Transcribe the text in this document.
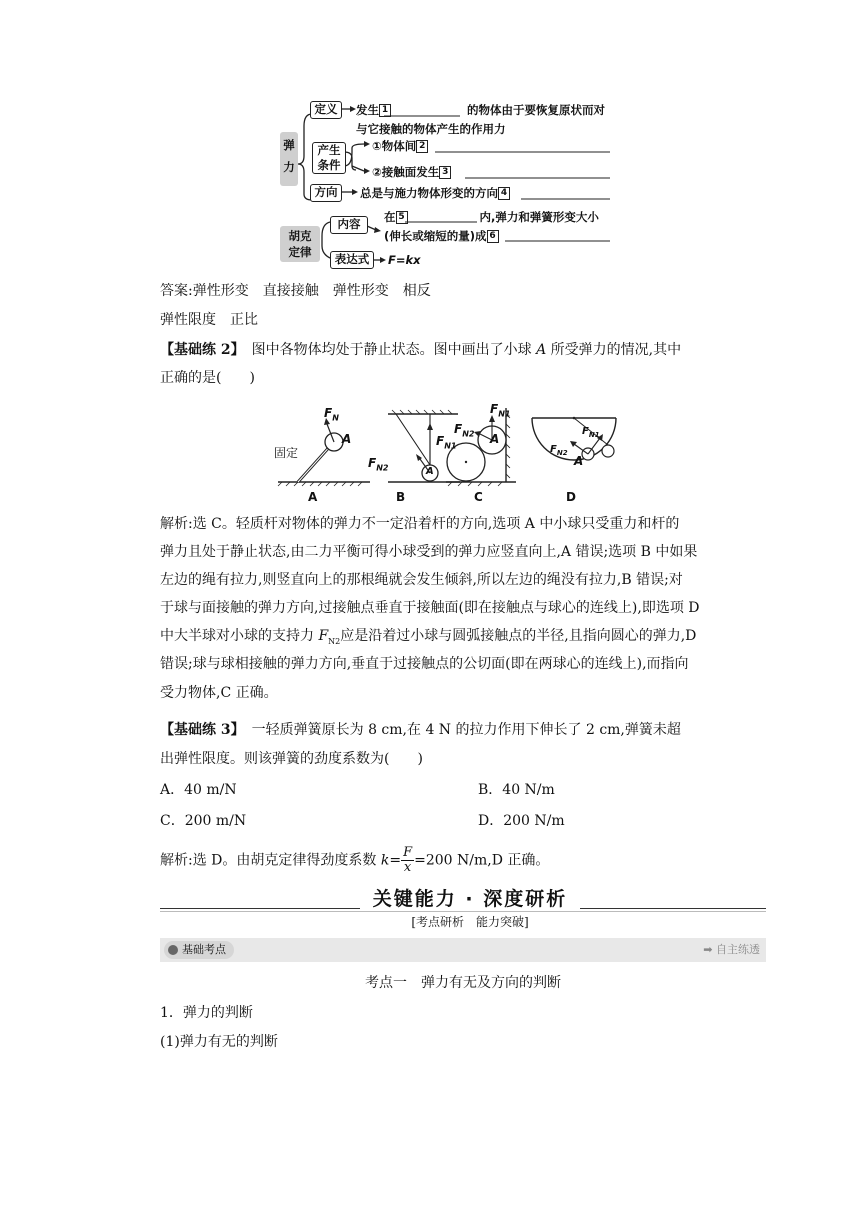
弹
力
定义	发生 1	的物体由于要恢复原状而对
与它接触的物体产生的作用力
产生
条件
①物体间 2
②接触面发生 3
方向	总是与施力物体形变的方向 4
胡克
定律
内容	在 5	内,弹力和弹簧形变大小
(伸长或缩短的量)成 6
表达式	F=kx
答案:弹性形变　直接接触　弹性形变　相反
弹性限度　正比
【基础练 2】　图中各物体均处于静止状态。图中画出了小球 A 所受弹力的情况,其中
正确的是(　　)
$F_N$
A
固定
$F_{N2}$
$F_{N1}$
A
$F_{N1}$
$F_{N2}$ A
$F_{N1}$
$F_{N2}$
A
A	B	C	D
解析:选 C。轻质杆对物体的弹力不一定沿着杆的方向,选项 A 中小球只受重力和杆的
弹力且处于静止状态,由二力平衡可得小球受到的弹力应竖直向上,A 错误;选项 B 中如果
左边的绳有拉力,则竖直向上的那根绳就会发生倾斜,所以左边的绳没有拉力,B 错误;对
于球与面接触的弹力方向,过接触点垂直于接触面(即在接触点与球心的连线上),即选项 D
中大半球对小球的支持力 $F_{N2}$应是沿着过小球与圆弧接触点的半径,且指向圆心的弹力,D
错误;球与球相接触的弹力方向,垂直于过接触点的公切面(即在两球心的连线上),而指向
受力物体,C 正确。
【基础练 3】　一轻质弹簧原长为 8 cm,在 4 N 的拉力作用下伸长了 2 cm,弹簧未超
出弹性限度。则该弹簧的劲度系数为(　　)
A．40 m/N	B．40 N/m
C．200 m/N	D．200 N/m
解析:选 D。由胡克定律得劲度系数 $k= \frac{F}{x} =200$ N/m,D 正确。
关键能力 · 深度研析
[考点研析　能力突破]
基础考点	➡ 自主练透
考点一　弹力有无及方向的判断
1．弹力的判断
(1)弹力有无的判断
